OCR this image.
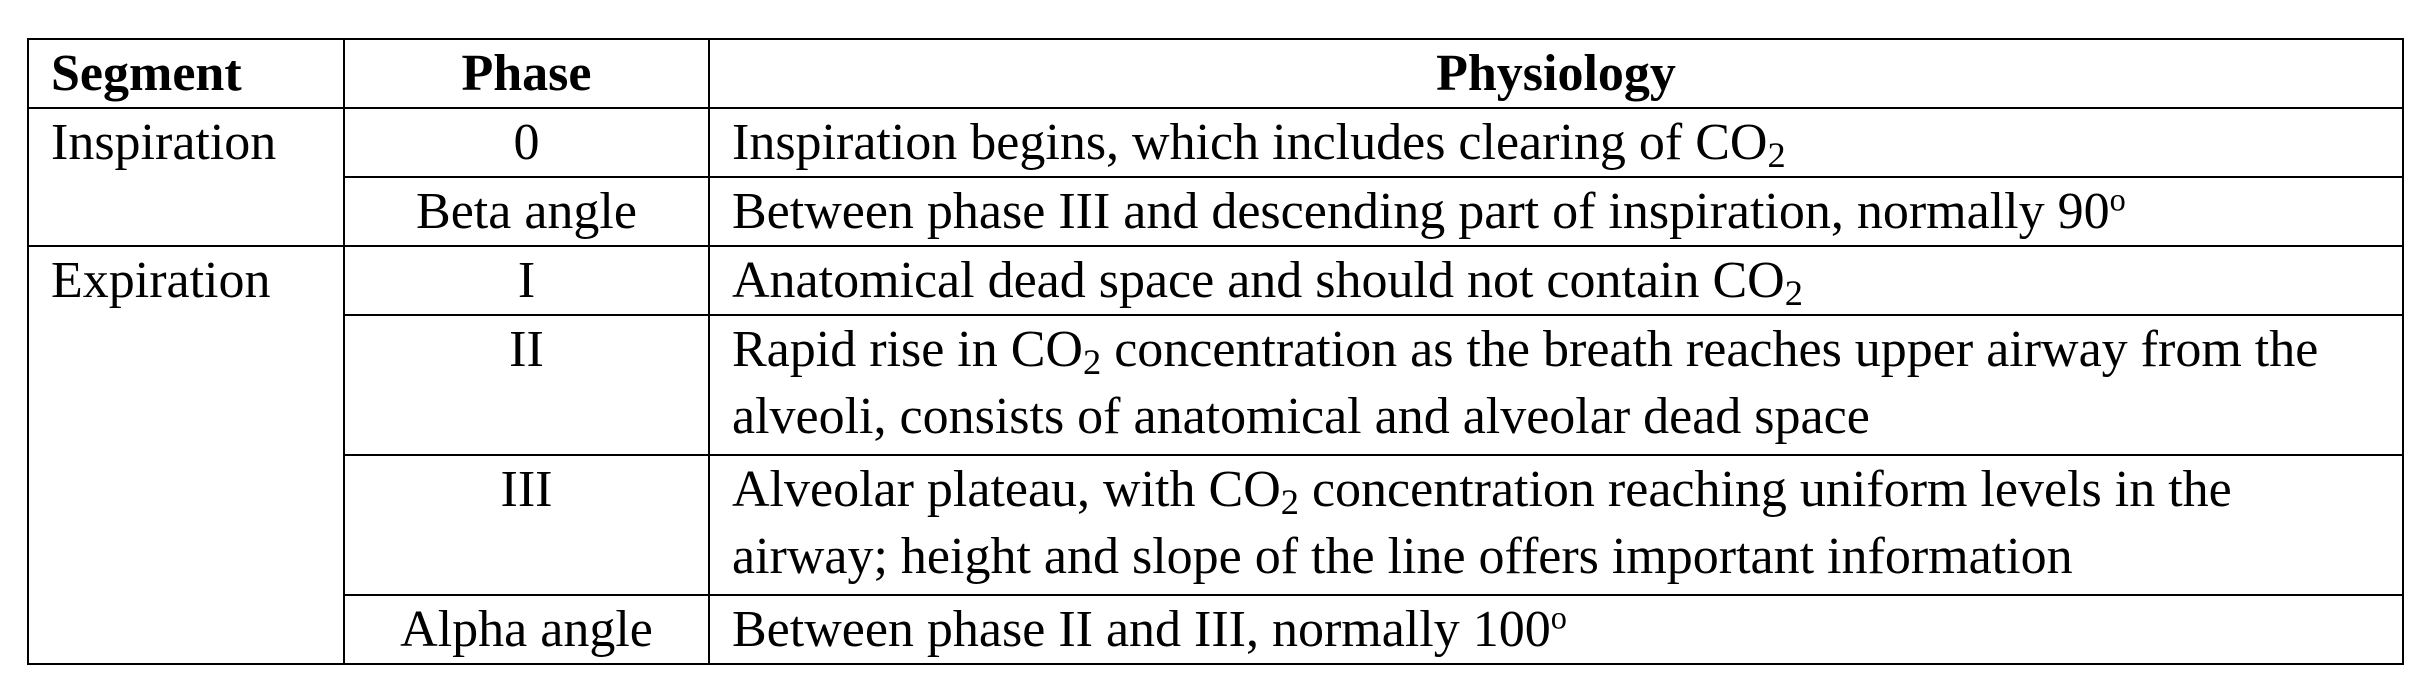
Segment	Phase	Physiology
Inspiration	0	Inspiration begins, which includes clearing of $CO_2$
	Beta angle	Between phase III and descending part of inspiration, normally 90$^o$
Expiration	I	Anatomical dead space and should not contain $CO_2$
	II	Rapid rise in $CO_2$ concentration as the breath reaches upper airway from the alveoli, consists of anatomical and alveolar dead space
	III	Alveolar plateau, with $CO_2$ concentration reaching uniform levels in the airway; height and slope of the line offers important information
	Alpha angle	Between phase II and III, normally 100$^o$
